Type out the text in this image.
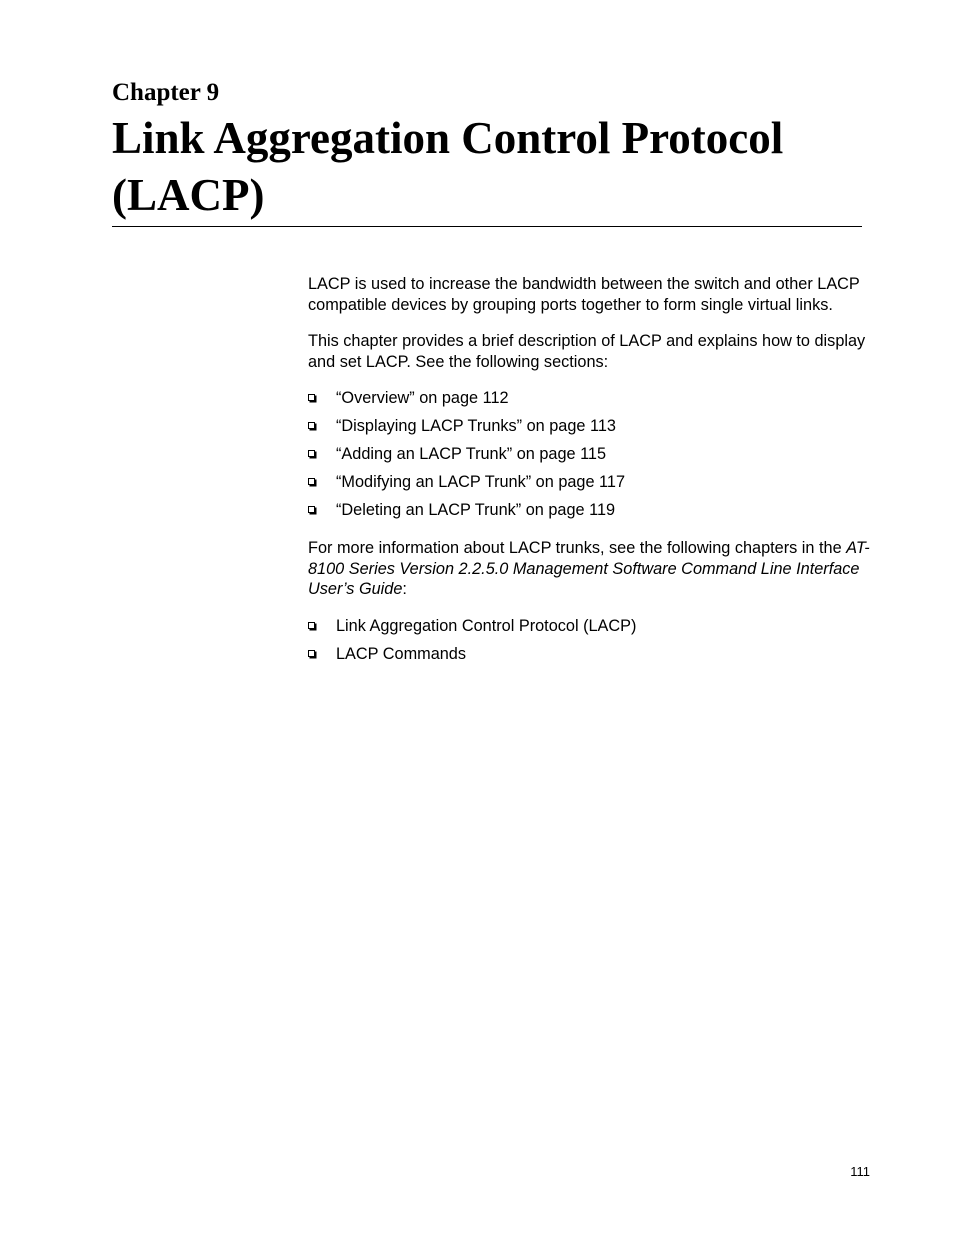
Chapter 9
Link Aggregation Control Protocol (LACP)

LACP is used to increase the bandwidth between the switch and other LACP compatible devices by grouping ports together to form single virtual links.

This chapter provides a brief description of LACP and explains how to display and set LACP. See the following sections:

“Overview” on page 112
“Displaying LACP Trunks” on page 113
“Adding an LACP Trunk” on page 115
“Modifying an LACP Trunk” on page 117
“Deleting an LACP Trunk” on page 119

For more information about LACP trunks, see the following chapters in the AT-8100 Series Version 2.2.5.0 Management Software Command Line Interface User’s Guide:

Link Aggregation Control Protocol (LACP)
LACP Commands
111
